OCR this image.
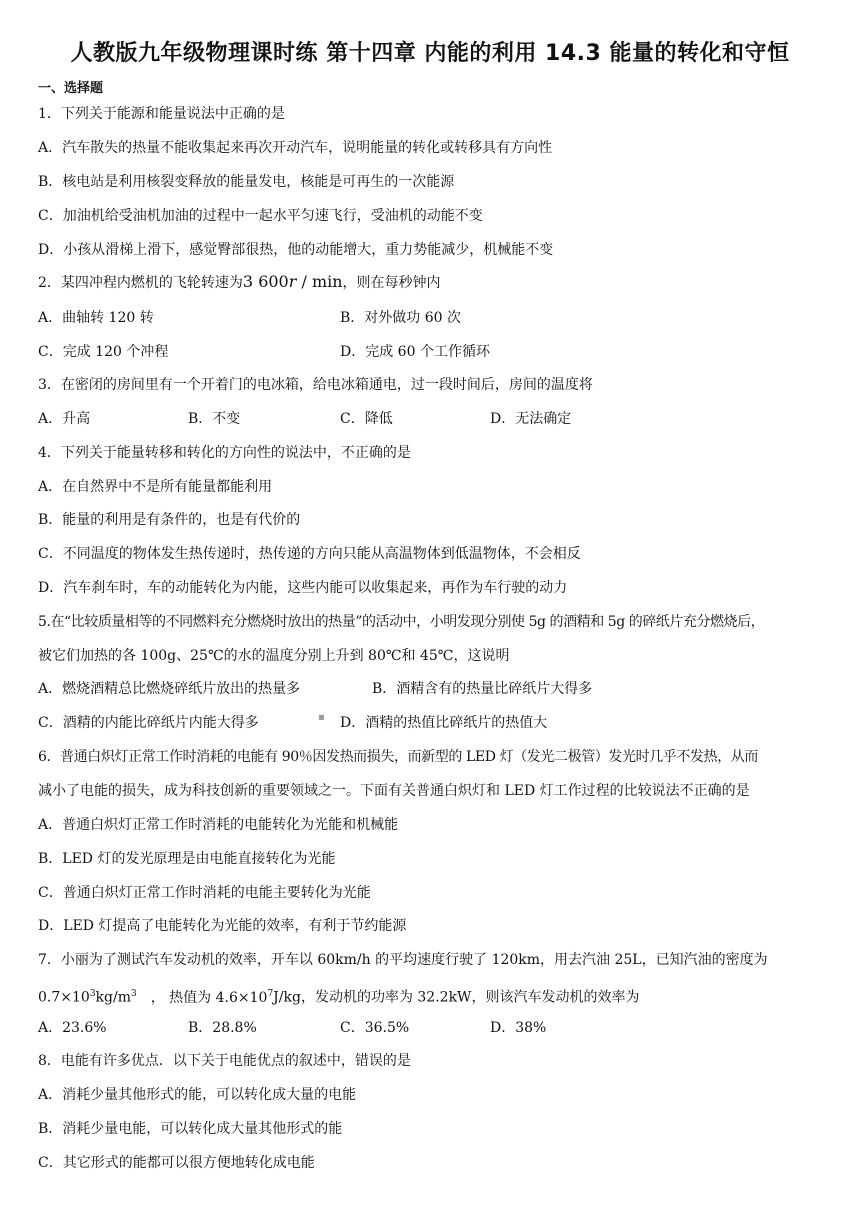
人教版九年级物理课时练 第十四章 内能的利用 14.3 能量的转化和守恒
一、选择题
1．下列关于能源和能量说法中正确的是
A．汽车散失的热量不能收集起来再次开动汽车，说明能量的转化或转移具有方向性
B．核电站是利用核裂变释放的能量发电，核能是可再生的一次能源
C．加油机给受油机加油的过程中一起水平匀速飞行，受油机的动能不变
D．小孩从滑梯上滑下，感觉臀部很热，他的动能增大，重力势能减少，机械能不变
2．某四冲程内燃机的飞轮转速为3 600r / min，则在每秒钟内
A．曲轴转 120 转	B．对外做功 60 次
C．完成 120 个冲程	D．完成 60 个工作循环
3．在密闭的房间里有一个开着门的电冰箱，给电冰箱通电，过一段时间后，房间的温度将
A．升高	B．不变	C．降低	D．无法确定
4．下列关于能量转移和转化的方向性的说法中，不正确的是
A．在自然界中不是所有能量都能利用
B．能量的利用是有条件的，也是有代价的
C．不同温度的物体发生热传递时，热传递的方向只能从高温物体到低温物体，不会相反
D．汽车刹车时，车的动能转化为内能，这些内能可以收集起来，再作为车行驶的动力
5.在“比较质量相等的不同燃料充分燃烧时放出的热量”的活动中，小明发现分别使 5g 的酒精和 5g 的碎纸片充分燃烧后，
被它们加热的各 100g、25℃的水的温度分别上升到 80℃和 45℃，这说明
A．燃烧酒精总比燃烧碎纸片放出的热量多	B．酒精含有的热量比碎纸片大得多
C．酒精的内能比碎纸片内能大得多	D．酒精的热值比碎纸片的热值大
▪
6．普通白炽灯正常工作时消耗的电能有 90％因发热而损失，而新型的 LED 灯（发光二极管）发光时几乎不发热，从而
减小了电能的损失，成为科技创新的重要领域之一。下面有关普通白炽灯和 LED 灯工作过程的比较说法不正确的是
A．普通白炽灯正常工作时消耗的电能转化为光能和机械能
B．LED 灯的发光原理是由电能直接转化为光能
C．普通白炽灯正常工作时消耗的电能主要转化为光能
D．LED 灯提高了电能转化为光能的效率，有利于节约能源
7．小丽为了测试汽车发动机的效率，开车以 60km/h 的平均速度行驶了 120km，用去汽油 25L，已知汽油的密度为
$0.7\times 10^3kg/m^3$ ， 热值为 $4.6\times 10^7J/kg$，发动机的功率为 32.2kW，则该汽车发动机的效率为
A．23.6%	B．28.8%	C．36.5%	D．38%
8．电能有许多优点．以下关于电能优点的叙述中，错误的是
A．消耗少量其他形式的能，可以转化成大量的电能
B．消耗少量电能，可以转化成大量其他形式的能
C．其它形式的能都可以很方便地转化成电能
